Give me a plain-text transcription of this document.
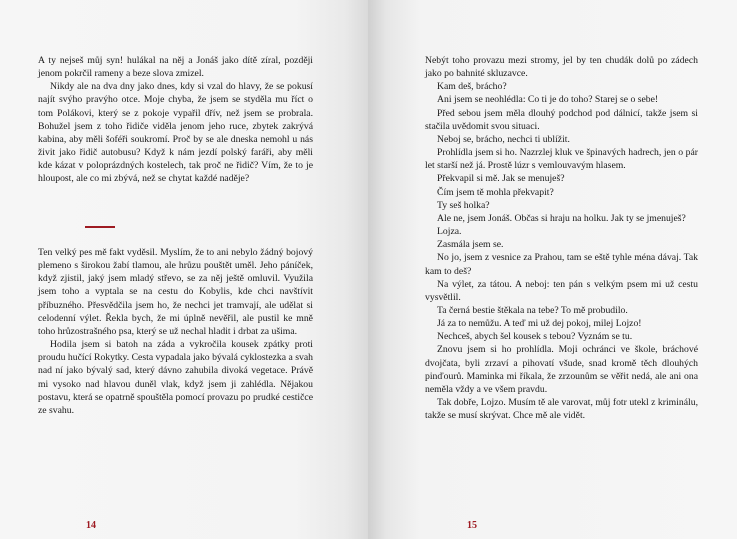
A ty nejseš můj syn! hulákal na něj a Jonáš jako dítě zíral, později jenom pokrčil rameny a beze slova zmizel.

Nikdy ale na dva dny jako dnes, kdy si vzal do hlavy, že se pokusí najít svýho pravýho otce. Moje chyba, že jsem se styděla mu říct o tom Polákovi, který se z pokoje vypařil dřív, než jsem se probrala. Bohužel jsem z toho řidiče viděla jenom jeho ruce, zbytek zakrývá kabina, aby měli šoféři soukromí. Proč by se ale dneska nemohl u nás živit jako řidič autobusu? Když k nám jezdí polský faráři, aby měli kde kázat v poloprázdných kostelech, tak proč ne řidič? Vím, že to je hloupost, ale co mi zbývá, než se chytat každé naděje?

Ten velký pes mě fakt vyděsil. Myslím, že to ani nebylo žádný bojový plemeno s širokou žabí tlamou, ale hrůzu pouštět uměl. Jeho páníček, když zjistil, jaký jsem mladý střevo, se za něj ještě omluvil. Využila jsem toho a vyptala se na cestu do Kobylis, kde chci navštívit příbuzného. Přesvědčila jsem ho, že nechci jet tramvají, ale udělat si celodenní výlet. Řekla bych, že mi úplně nevěřil, ale pustil ke mně toho hrůzostrašného psa, který se už nechal hladit i drbat za ušima.

Hodila jsem si batoh na záda a vykročila kousek zpátky proti proudu hučící Rokytky. Cesta vypadala jako bývalá cyklostezka a svah nad ní jako bývalý sad, který dávno zahubila divoká vegetace. Právě mi vysoko nad hlavou duněl vlak, když jsem ji zahlédla. Nějakou postavu, která se opatrně spouštěla pomocí provazu po prudké cestičce ze svahu.

14

Nebýt toho provazu mezi stromy, jel by ten chudák dolů po zádech jako po bahnité skluzavce.

Kam deš, brácho?

Ani jsem se neohlédla: Co ti je do toho? Starej se o sebe!

Před sebou jsem měla dlouhý podchod pod dálnicí, takže jsem si stačila uvědomit svou situaci.

Neboj se, brácho, nechci ti ublížit.

Prohlídla jsem si ho. Nazrzlej kluk ve špinavých hadrech, jen o pár let starší než já. Prostě lúzr s vemlouvavým hlasem.

Překvapil si mě. Jak se menuješ?

Čím jsem tě mohla překvapit?

Ty seš holka?

Ale ne, jsem Jonáš. Občas si hraju na holku. Jak ty se jmenuješ?

Lojza.

Zasmála jsem se.

No jo, jsem z vesnice za Prahou, tam se eště tyhle ména dávaj. Tak kam to deš?

Na výlet, za tátou. A neboj: ten pán s velkým psem mi už cestu vysvětlil.

Ta černá bestie štěkala na tebe? To mě probudilo.

Já za to nemůžu. A teď mi už dej pokoj, milej Lojzo!

Nechceš, abych šel kousek s tebou? Vyznám se tu.

Znovu jsem si ho prohlídla. Moji ochránci ve škole, bráchové dvojčata, byli zrzaví a pihovatí všude, snad kromě těch dlouhých pinďourů. Maminka mi říkala, že zrzounům se věřit nedá, ale ani ona neměla vždy a ve všem pravdu.

Tak dobře, Lojzo. Musím tě ale varovat, můj fotr utekl z kriminálu, takže se musí skrývat. Chce mě ale vidět.

15
